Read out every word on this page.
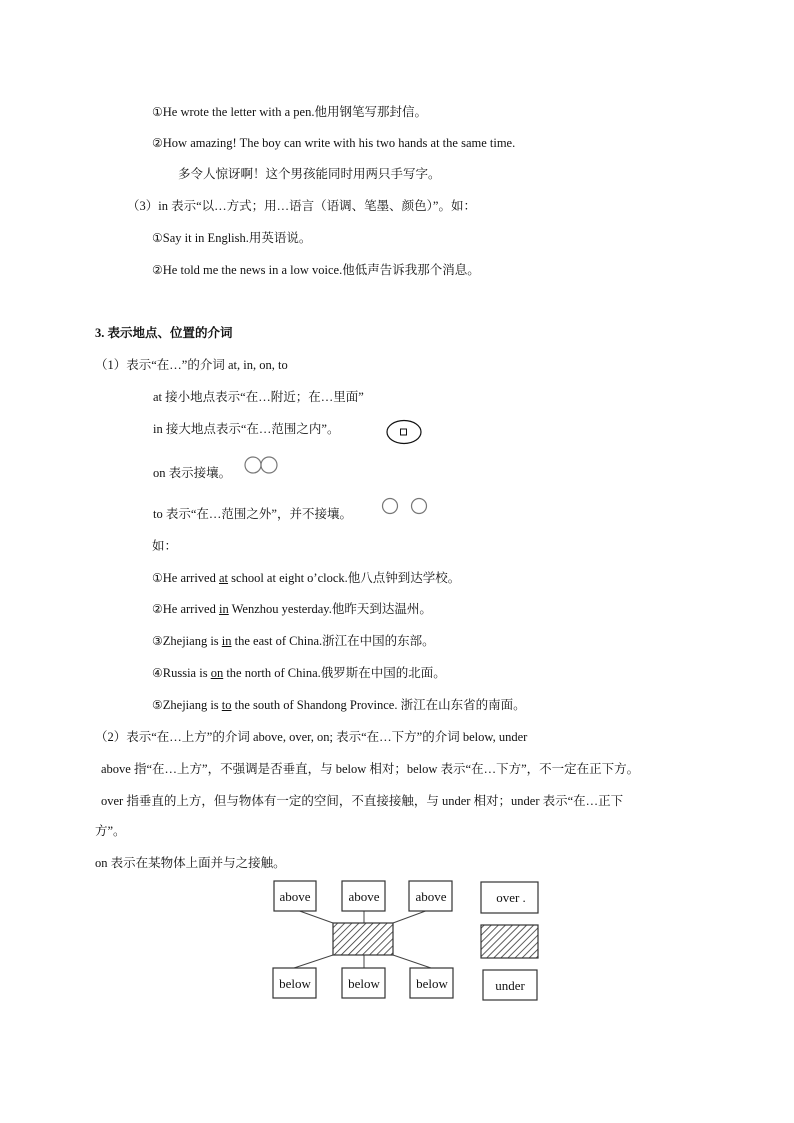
①He wrote the letter with a pen.他用钢笔写那封信。
②How amazing! The boy can write with his two hands at the same time.
多令人惊讶啊！这个男孩能同时用两只手写字。
（3）in 表示“以…方式；用…语言（语调、笔墨、颜色）”。如：
①Say it in English.用英语说。
②He told me the news in a low voice.他低声告诉我那个消息。
3. 表示地点、位置的介词
（1）表示“在…”的介词 at, in, on, to
at 接小地点表示“在…附近；在…里面”
in 接大地点表示“在…范围之内”。
on 表示接壤。
to 表示“在…范围之外”，并不接壤。
如：
①He arrived at school at eight o’clock.他八点钟到达学校。
②He arrived in Wenzhou yesterday.他昨天到达温州。
③Zhejiang is in the east of China.浙江在中国的东部。
④Russia is on the north of China.俄罗斯在中国的北面。
⑤Zhejiang is to the south of Shandong Province. 浙江在山东省的南面。
（2）表示“在…上方”的介词 above, over, on; 表示“在…下方”的介词 below, under
above 指“在…上方”，不强调是否垂直，与 below 相对；below 表示“在…下方”，不一定在正下方。
over 指垂直的上方，但与物体有一定的空间，不直接接触，与 under 相对；under 表示“在…正下
方”。
on 表示在某物体上面并与之接触。
above	above	above
below	below	below
over .
under
